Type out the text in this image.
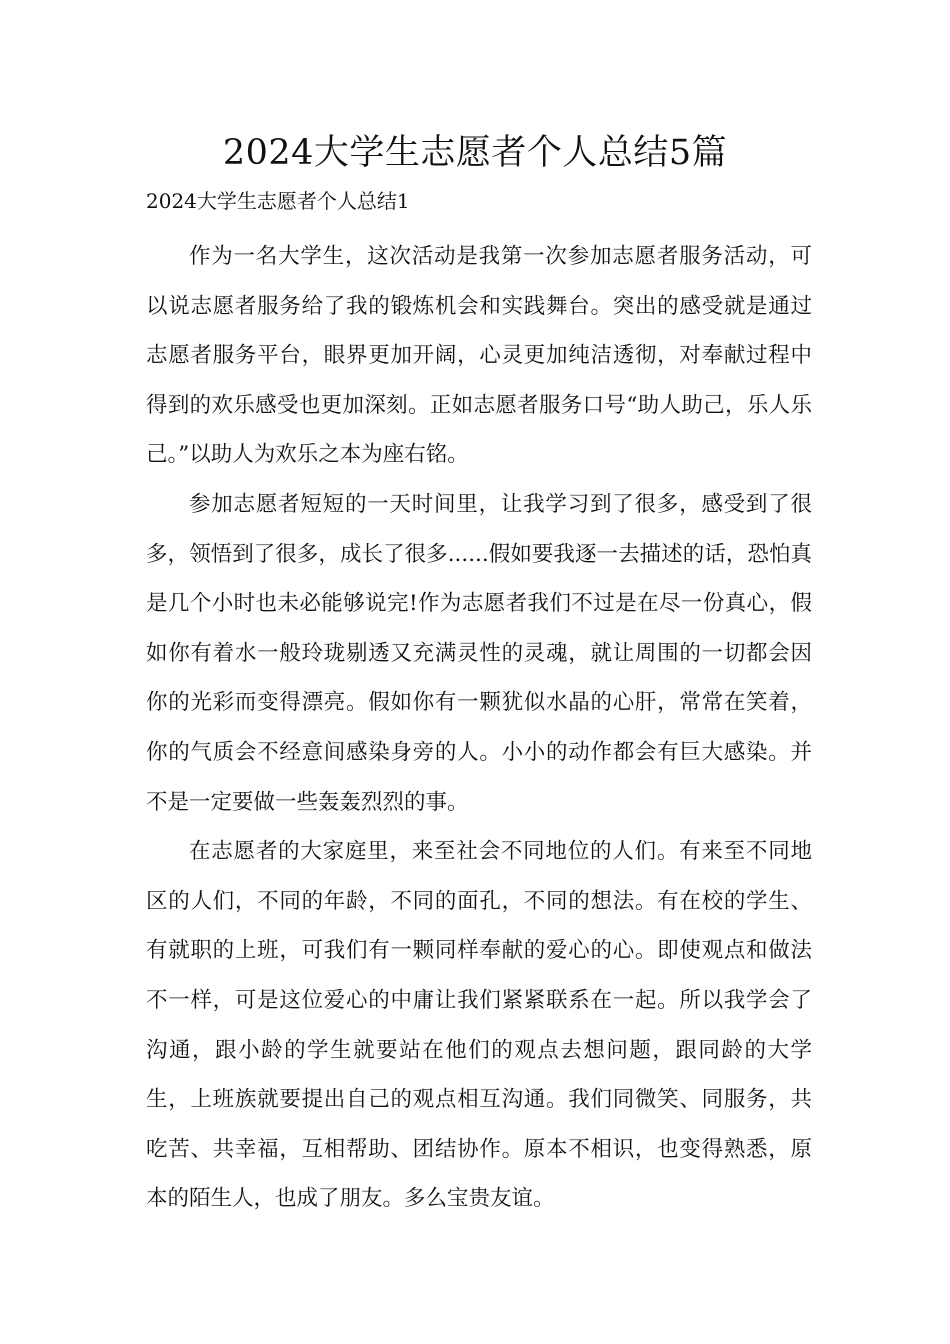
2024大学生志愿者个人总结5篇

2024大学生志愿者个人总结1

作为一名大学生，这次活动是我第一次参加志愿者服务活动，可以说志愿者服务给了我的锻炼机会和实践舞台。突出的感受就是通过志愿者服务平台，眼界更加开阔，心灵更加纯洁透彻，对奉献过程中得到的欢乐感受也更加深刻。正如志愿者服务口号“助人助己，乐人乐己。”以助人为欢乐之本为座右铭。

参加志愿者短短的一天时间里，让我学习到了很多，感受到了很多，领悟到了很多，成长了很多......假如要我逐一去描述的话，恐怕真是几个小时也未必能够说完!作为志愿者我们不过是在尽一份真心，假如你有着水一般玲珑剔透又充满灵性的灵魂，就让周围的一切都会因你的光彩而变得漂亮。假如你有一颗犹似水晶的心肝，常常在笑着，你的气质会不经意间感染身旁的人。小小的动作都会有巨大感染。并不是一定要做一些轰轰烈烈的事。

在志愿者的大家庭里，来至社会不同地位的人们。有来至不同地区的人们，不同的年龄，不同的面孔，不同的想法。有在校的学生、有就职的上班，可我们有一颗同样奉献的爱心的心。即使观点和做法不一样，可是这位爱心的中庸让我们紧紧联系在一起。所以我学会了沟通，跟小龄的学生就要站在他们的观点去想问题，跟同龄的大学生，上班族就要提出自己的观点相互沟通。我们同微笑、同服务，共吃苦、共幸福，互相帮助、团结协作。原本不相识，也变得熟悉，原本的陌生人，也成了朋友。多么宝贵友谊。
